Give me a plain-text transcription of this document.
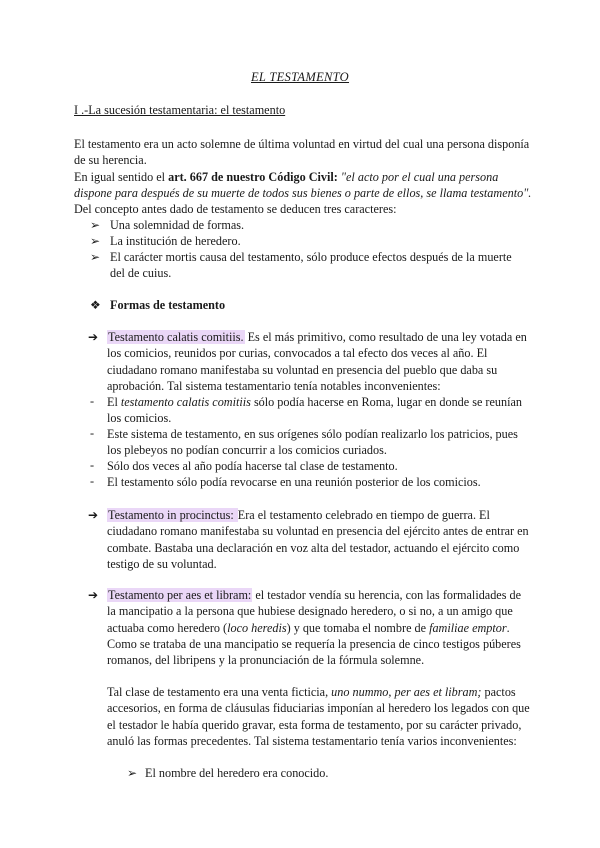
EL TESTAMENTO
I .-La sucesión testamentaria: el testamento
El testamento era un acto solemne de última voluntad en virtud del cual una persona disponía de su herencia.
En igual sentido el art. 667 de nuestro Código Civil: "el acto por el cual una persona dispone para después de su muerte de todos sus bienes o parte de ellos, se llama testamento".
Del concepto antes dado de testamento se deducen tres caracteres:
➢ Una solemnidad de formas.
➢ La institución de heredero.
➢ El carácter mortis causa del testamento, sólo produce efectos después de la muerte del de cuius.
❖ Formas de testamento
➔ Testamento calatis comitiis. Es el más primitivo, como resultado de una ley votada en los comicios, reunidos por curias, convocados a tal efecto dos veces al año. El ciudadano romano manifestaba su voluntad en presencia del pueblo que daba su aprobación. Tal sistema testamentario tenía notables inconvenientes:
- El testamento calatis comitiis sólo podía hacerse en Roma, lugar en donde se reunían los comicios.
- Este sistema de testamento, en sus orígenes sólo podían realizarlo los patricios, pues los plebeyos no podían concurrir a los comicios curiados.
- Sólo dos veces al año podía hacerse tal clase de testamento.
- El testamento sólo podía revocarse en una reunión posterior de los comicios.
➔ Testamento in procinctus: Era el testamento celebrado en tiempo de guerra. El ciudadano romano manifestaba su voluntad en presencia del ejército antes de entrar en combate. Bastaba una declaración en voz alta del testador, actuando el ejército como testigo de su voluntad.
➔ Testamento per aes et libram: el testador vendía su herencia, con las formalidades de la mancipatio a la persona que hubiese designado heredero, o si no, a un amigo que actuaba como heredero (loco heredis) y que tomaba el nombre de familiae emptor. Como se trataba de una mancipatio se requería la presencia de cinco testigos púberes romanos, del libripens y la pronunciación de la fórmula solemne.
Tal clase de testamento era una venta ficticia, uno nummo, per aes et libram; pactos accesorios, en forma de cláusulas fiduciarias imponían al heredero los legados con que el testador le había querido gravar, esta forma de testamento, por su carácter privado, anuló las formas precedentes. Tal sistema testamentario tenía varios inconvenientes:
➢ El nombre del heredero era conocido.
